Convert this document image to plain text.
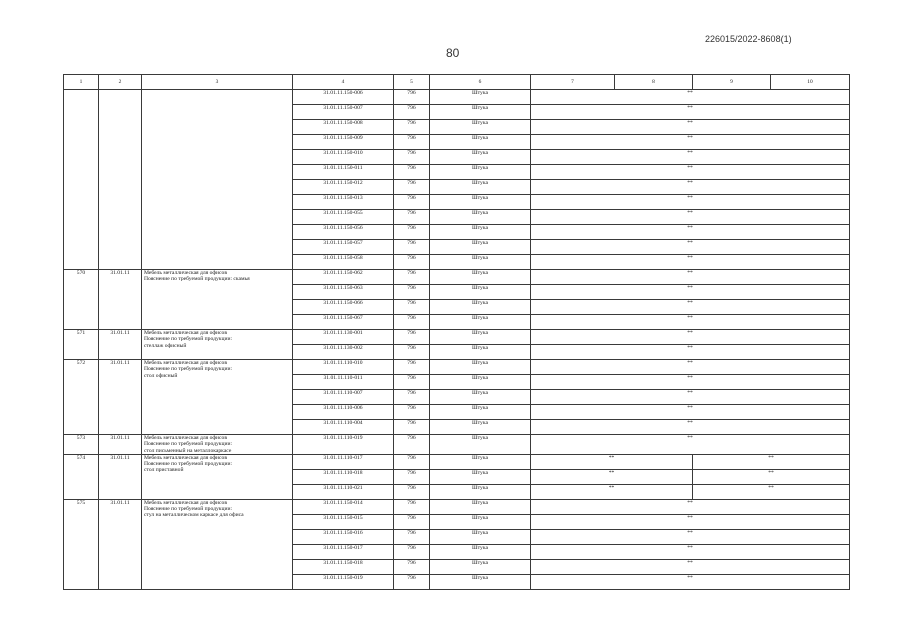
226015/2022-8608(1)
80
1	2	3	4	5	6	7	8	9	10
			31.01.11.150-006	796	Штука	**			
			31.01.11.150-007	796	Штука	**			
			31.01.11.150-008	796	Штука	**			
			31.01.11.150-009	796	Штука	**			
			31.01.11.150-010	796	Штука	**			
			31.01.11.150-011	796	Штука	**			
			31.01.11.150-012	796	Штука	**			
			31.01.11.150-013	796	Штука	**			
			31.01.11.150-055	796	Штука	**			
			31.01.11.150-056	796	Штука	**			
			31.01.11.150-057	796	Штука	**			
			31.01.11.150-058	796	Штука	**			
570	31.01.11	Мебель металлическая для офисов
Пояснение по требуемой продукции: скамья	31.01.11.150-062	796	Штука	**			
			31.01.11.150-063	796	Штука	**			
			31.01.11.150-066	796	Штука	**			
			31.01.11.150-067	796	Штука	**			
571	31.01.11	Мебель металлическая для офисов
Пояснение по требуемой продукции:
стеллаж офисный	31.01.11.130-001	796	Штука	**			
			31.01.11.130-002	796	Штука	**			
572	31.01.11	Мебель металлическая для офисов
Пояснение по требуемой продукции:
стол офисный	31.01.11.110-010	796	Штука	**			
			31.01.11.110-011	796	Штука	**			
			31.01.11.110-007	796	Штука	**			
			31.01.11.110-006	796	Штука	**			
			31.01.11.110-004	796	Штука	**			
573	31.01.11	Мебель металлическая для офисов
Пояснение по требуемой продукции:
стол письменный на металлокаркасе	31.01.11.110-019	796	Штука	**			
574	31.01.11	Мебель металлическая для офисов
Пояснение по требуемой продукции:
стол приставной	31.01.11.110-017	796	Штука	**		**	
			31.01.11.110-018	796	Штука	**		**	
			31.01.11.110-021	796	Штука	**		**	
575	31.01.11	Мебель металлическая для офисов
Пояснение по требуемой продукции:
стул на металлическом каркасе для офиса	31.01.11.150-014	796	Штука	**			
			31.01.11.150-015	796	Штука	**			
			31.01.11.150-016	796	Штука	**			
			31.01.11.150-017	796	Штука	**			
			31.01.11.150-018	796	Штука	**			
			31.01.11.150-019	796	Штука	**			
